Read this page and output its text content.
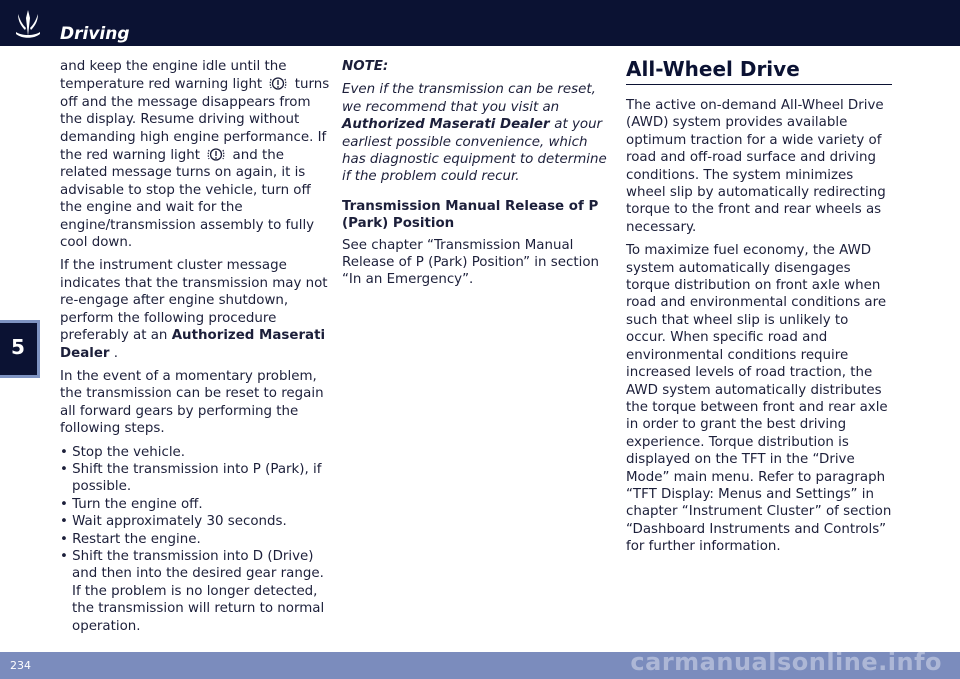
Driving
5

and keep the engine idle until the temperature red warning light turns off and the message disappears from the display. Resume driving without demanding high engine performance. If the red warning light and the related message turns on again, it is advisable to stop the vehicle, turn off the engine and wait for the engine/transmission assembly to fully cool down.

If the instrument cluster message indicates that the transmission may not re-engage after engine shutdown, perform the following procedure preferably at an Authorized Maserati Dealer .

In the event of a momentary problem, the transmission can be reset to regain all forward gears by performing the following steps.

• Stop the vehicle.
• Shift the transmission into P (Park), if possible.
• Turn the engine off.
• Wait approximately 30 seconds.
• Restart the engine.
• Shift the transmission into D (Drive) and then into the desired gear range. If the problem is no longer detected, the transmission will return to normal operation.

NOTE:

Even if the transmission can be reset, we recommend that you visit an Authorized Maserati Dealer at your earliest possible convenience, which has diagnostic equipment to determine if the problem could recur.

Transmission Manual Release of P (Park) Position

See chapter “Transmission Manual Release of P (Park) Position” in section “In an Emergency”.

All-Wheel Drive

The active on-demand All-Wheel Drive (AWD) system provides available optimum traction for a wide variety of road and off-road surface and driving conditions. The system minimizes wheel slip by automatically redirecting torque to the front and rear wheels as necessary.

To maximize fuel economy, the AWD system automatically disengages torque distribution on front axle when road and environmental conditions are such that wheel slip is unlikely to occur. When specific road and environmental conditions require increased levels of road traction, the AWD system automatically distributes the torque between front and rear axle in order to grant the best driving experience. Torque distribution is displayed on the TFT in the “Drive Mode” main menu. Refer to paragraph “TFT Display: Menus and Settings” in chapter “Instrument Cluster” of section “Dashboard Instruments and Controls” for further information.

234	carmanualsonline.info
